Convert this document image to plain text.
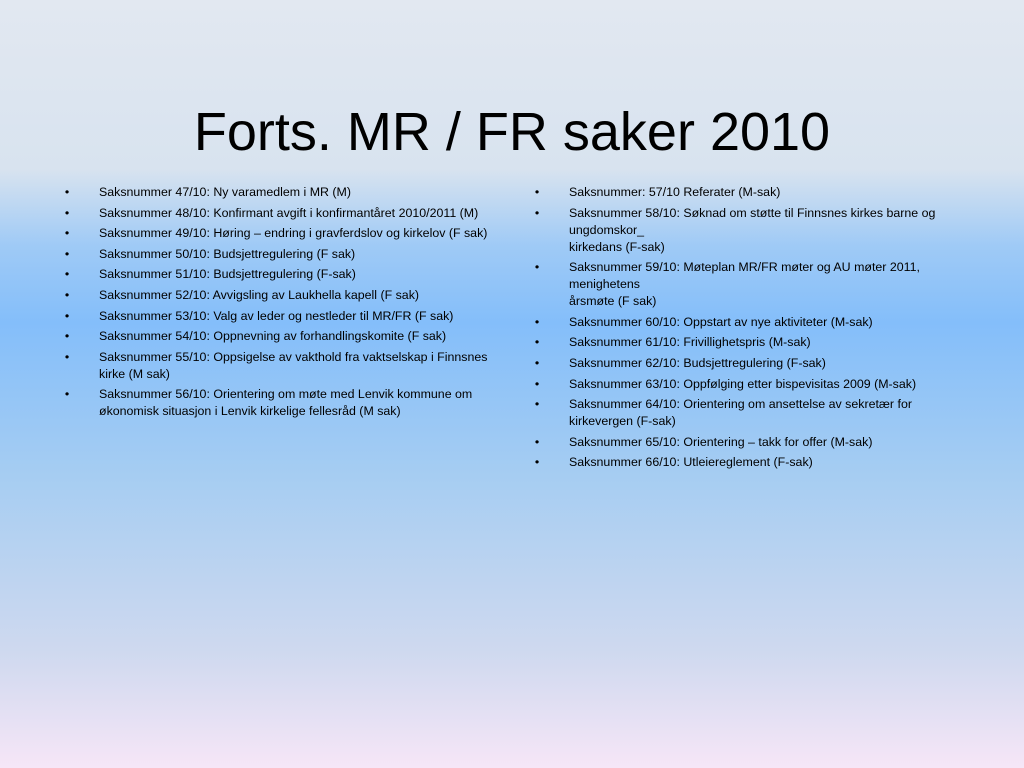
Forts. MR / FR saker 2010
•	Saksnummer 47/10: Ny varamedlem i MR (M)
•	Saksnummer 48/10: Konfirmant avgift i konfirmantåret 2010/2011 (M)
•	Saksnummer 49/10: Høring – endring i gravferdslov og kirkelov (F sak)
•	Saksnummer 50/10: Budsjettregulering (F sak)
•	Saksnummer 51/10: Budsjettregulering (F-sak)
•	Saksnummer 52/10: Avvigsling av Laukhella kapell (F sak)
•	Saksnummer 53/10: Valg av leder og nestleder til MR/FR (F sak)
•	Saksnummer 54/10: Oppnevning av forhandlingskomite (F sak)
•	Saksnummer 55/10: Oppsigelse av vakthold fra vaktselskap i Finnsnes kirke (M sak)
•	Saksnummer 56/10: Orientering om møte med Lenvik kommune om økonomisk situasjon i Lenvik kirkelige fellesråd (M sak)
•	Saksnummer: 57/10 Referater (M-sak)
•	Saksnummer 58/10: Søknad om støtte til Finnsnes kirkes barne og ungdomskor_
kirkedans (F-sak)
•	Saksnummer 59/10: Møteplan MR/FR møter og AU møter 2011, menighetens
årsmøte (F sak)
•	Saksnummer 60/10: Oppstart av nye aktiviteter (M-sak)
•	Saksnummer 61/10: Frivillighetspris (M-sak)
•	Saksnummer 62/10: Budsjettregulering (F-sak)
•	Saksnummer 63/10: Oppfølging etter bispevisitas 2009 (M-sak)
•	Saksnummer 64/10: Orientering om ansettelse av sekretær for kirkevergen (F-sak)
•	Saksnummer 65/10: Orientering – takk for offer (M-sak)
•	Saksnummer 66/10: Utleiereglement (F-sak)
